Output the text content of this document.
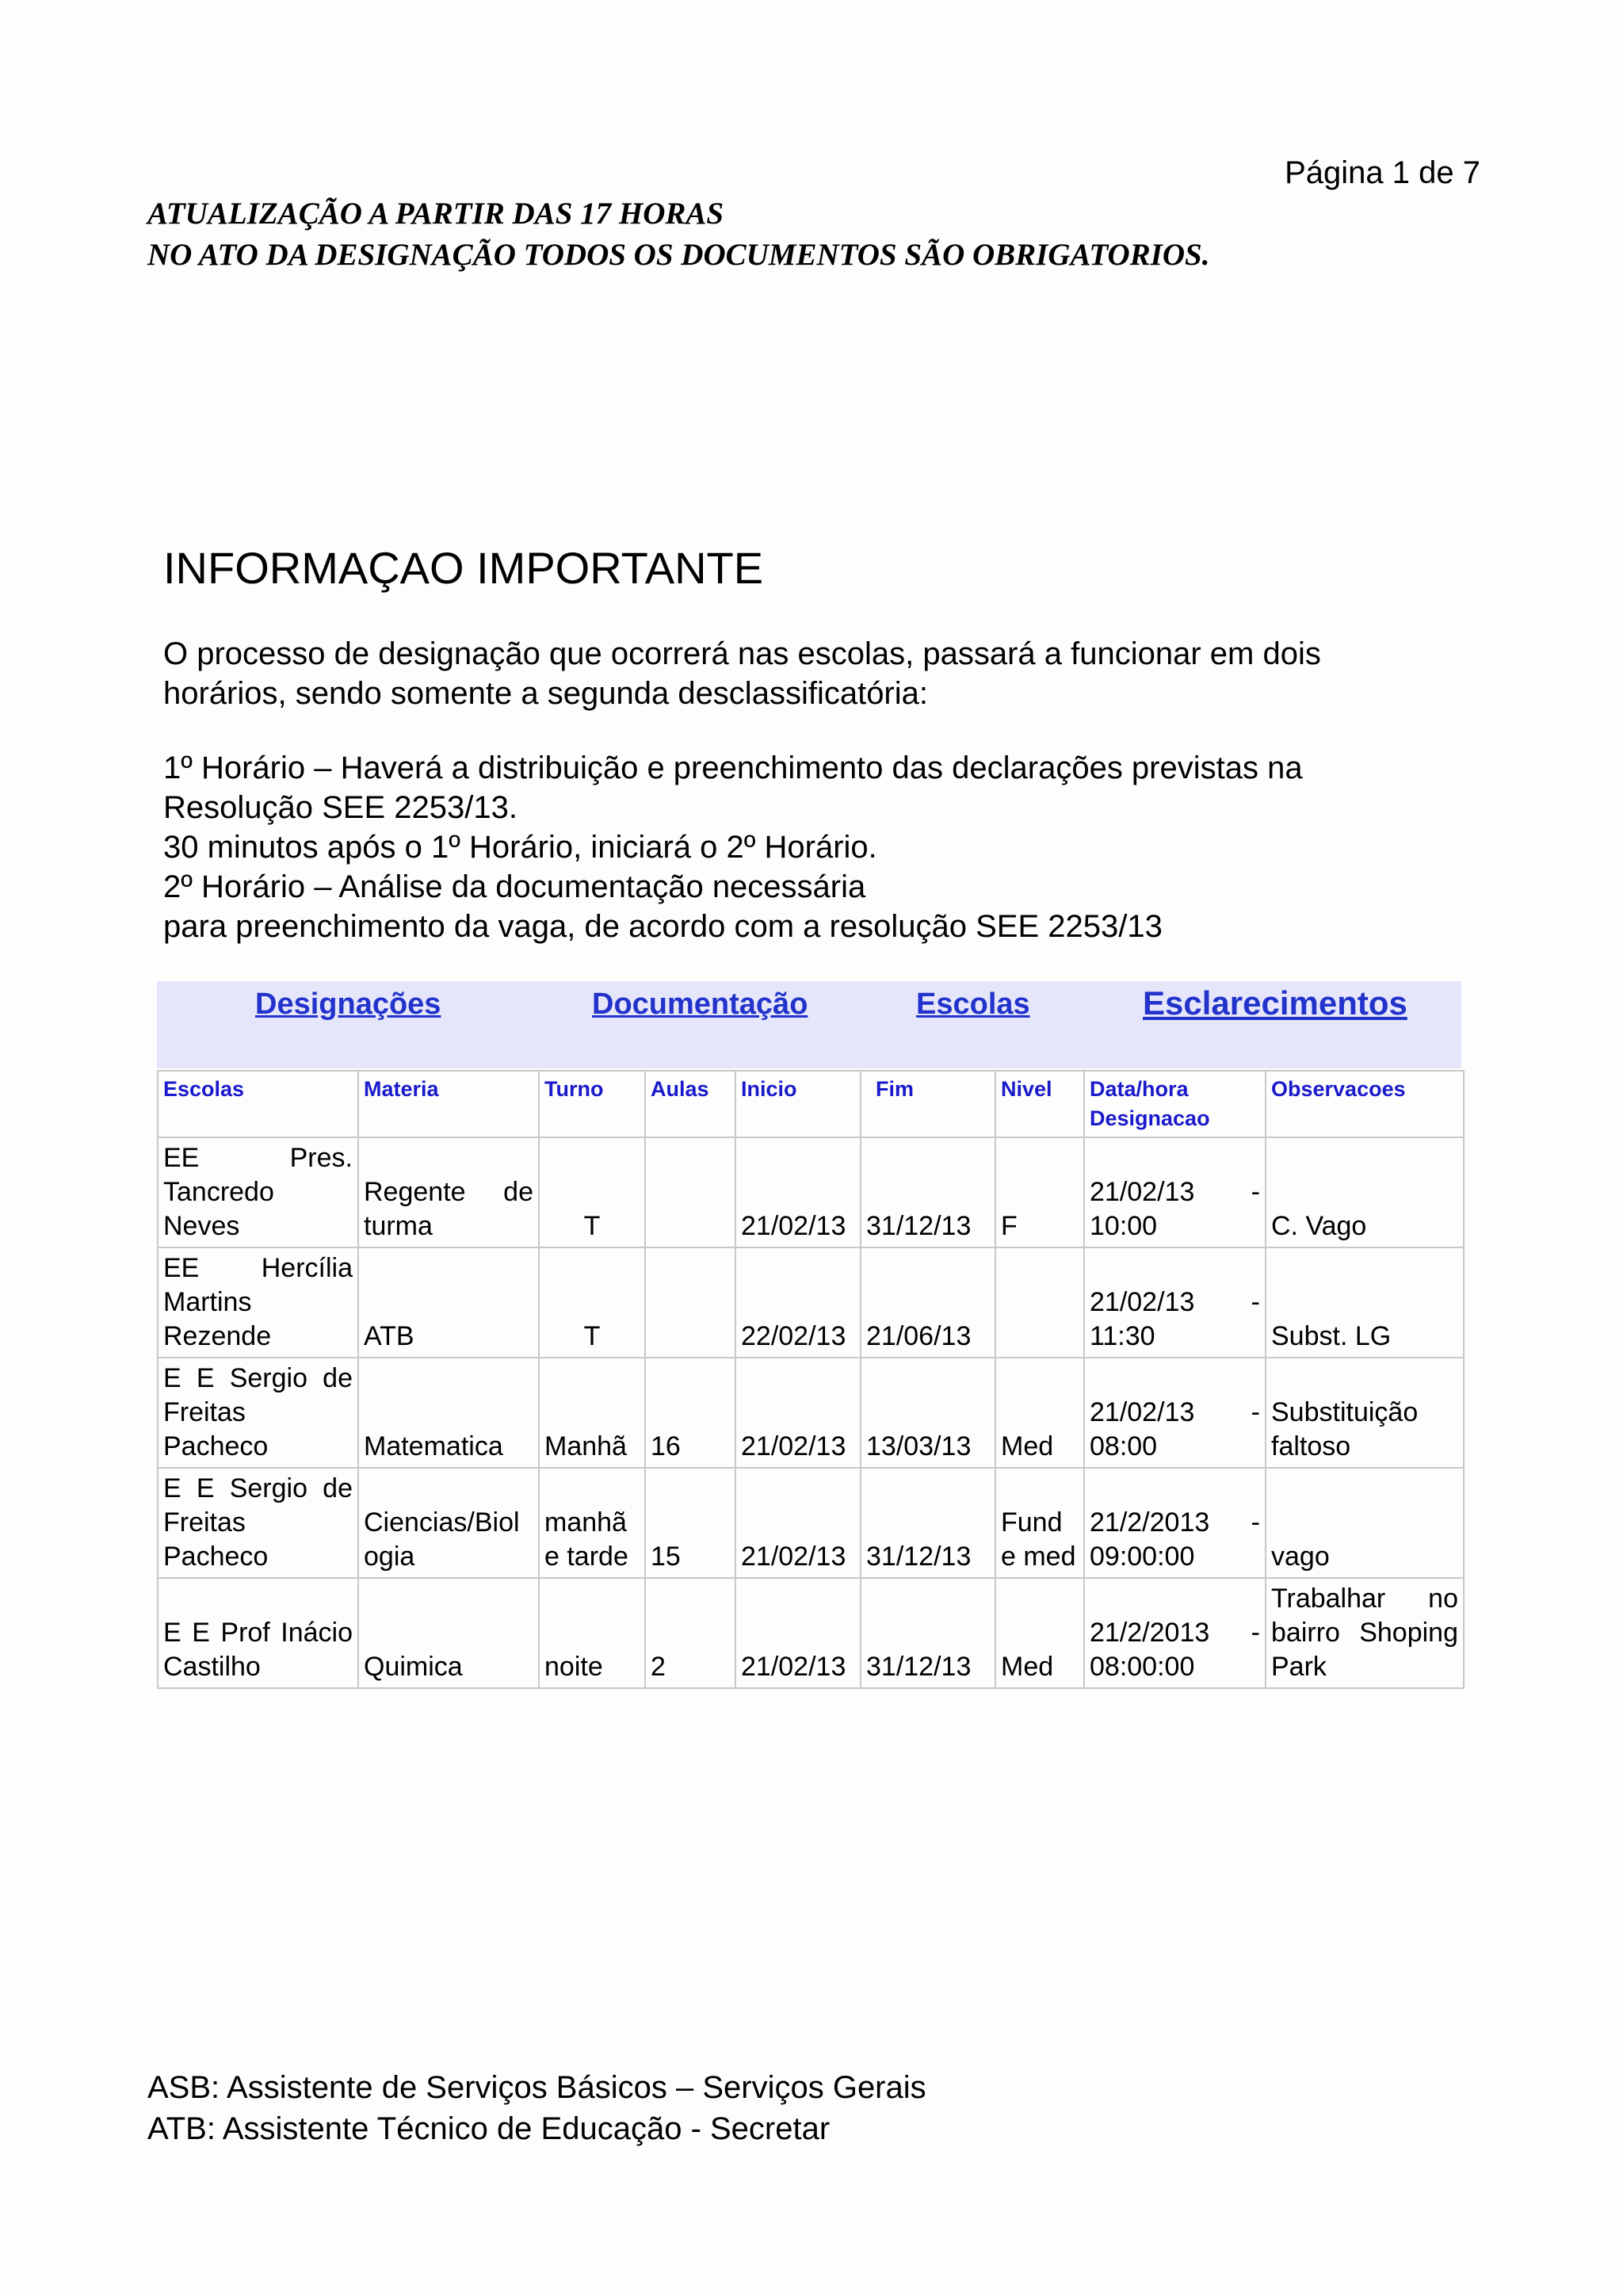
Página 1 de 7
ATUALIZAÇÃO A PARTIR DAS 17 HORAS
NO ATO DA DESIGNAÇÃO TODOS OS DOCUMENTOS SÃO OBRIGATORIOS.
INFORMAÇAO IMPORTANTE

O processo de designação que ocorrerá nas escolas, passará a funcionar em dois

horários, sendo somente a segunda desclassificatória:

1º Horário – Haverá a distribuição e preenchimento das declarações previstas na

Resolução SEE 2253/13.

30 minutos após o 1º Horário, iniciará o 2º Horário.

2º Horário – Análise da documentação necessária

para preenchimento da vaga, de acordo com a resolução SEE 2253/13

Designações	Documentação	Escolas	Esclarecimentos
Escolas	Materia	Turno	Aulas	Inicio	Fim	Nivel	Data/hora
Designacao	Observacoes

EE Pres.
Tancredo
Neves	Regente de
turma	T		21/02/13	31/12/13	F	21/02/13 -
10:00	C. Vago

EE Hercília
Martins
Rezende	ATB	T		22/02/13	21/06/13		21/02/13 -
11:30	Subst. LG

E E Sergio de
Freitas
Pacheco	Matematica	Manhã	16	21/02/13	13/03/13	Med	21/02/13 -
08:00	Substituição
faltoso

E E Sergio de
Freitas
Pacheco	Ciencias/Biol
ogia	manhã
e tarde	15	21/02/13	31/12/13	Fund
e med	21/2/2013 -
09:00:00	vago

E E Prof Inácio
Castilho	Quimica	noite	2	21/02/13	31/12/13	Med	21/2/2013 -
08:00:00	Trabalhar no
bairro Shoping
Park
ASB: Assistente de Serviços Básicos – Serviços Gerais
ATB: Assistente Técnico de Educação - Secretar
